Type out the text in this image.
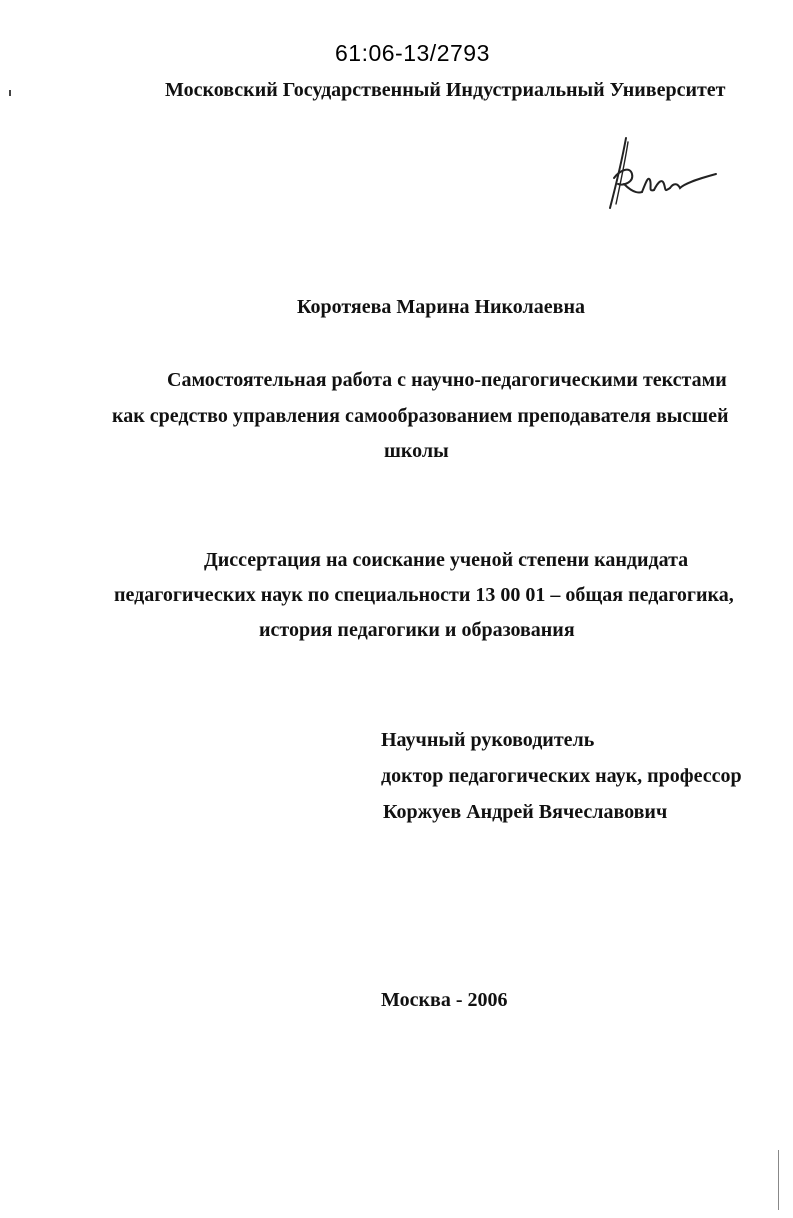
61:06-13/2793
Московский Государственный Индустриальный Университет
Коротяева Марина Николаевна
Самостоятельная работа с научно-педагогическими текстами
как средство управления самообразованием преподавателя высшей
школы
Диссертация на соискание ученой степени кандидата
педагогических наук по специальности 13 00 01 – общая педагогика,
история педагогики и образования
Научный руководитель
доктор педагогических наук, профессор
Коржуев Андрей Вячеславович
Москва - 2006
